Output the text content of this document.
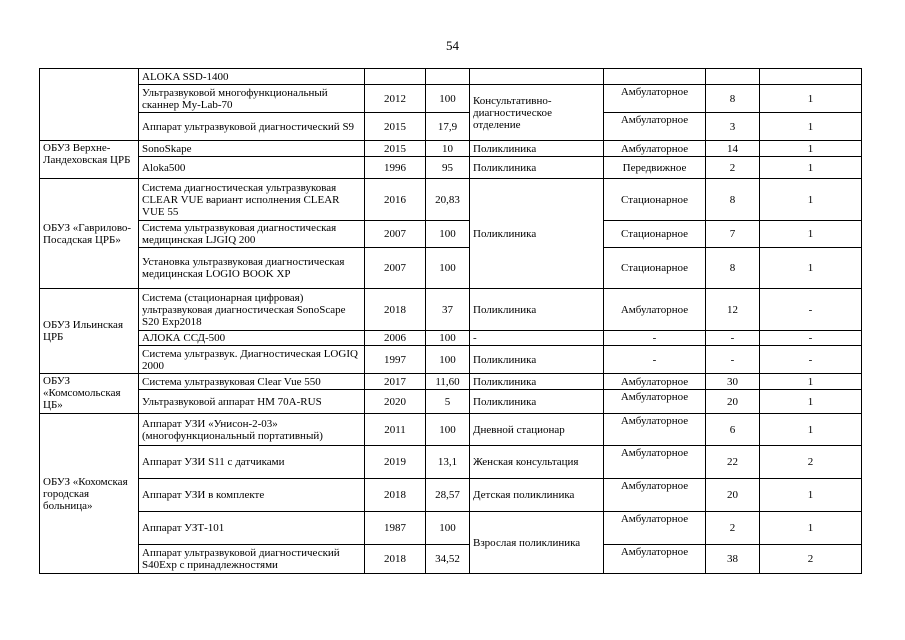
54
	ALOKA SSD-1400						
	Ультразвуковой многофункциональный сканнер My-Lab-70	2012	100	Консультативно-диагностическое отделение	Амбулаторное	8	1
	Аппарат ультразвуковой диагностический S9	2015	17,9		Амбулаторное	3	1
ОБУЗ Верхне-Ландеховская ЦРБ	SonoSkape	2015	10	Поликлиника	Амбулаторное	14	1
	Aloka500	1996	95	Поликлиника	Передвижное	2	1
ОБУЗ «Гаврилово-Посадская ЦРБ»	Система диагностическая ультразвуковая CLEAR VUE вариант исполнения CLEAR VUE 55	2016	20,83	Поликлиника	Стационарное	8	1
	Система ультразвуковая диагностическая медицинская LJGIQ 200	2007	100		Стационарное	7	1
	Установка ультразвуковая диагностическая медицинская LOGIO BOOK XP	2007	100		Стационарное	8	1
ОБУЗ Ильинская ЦРБ	Система (стационарная цифровая) ультразвуковая диагностическая SonoScape S20 Exp2018	2018	37	Поликлиника	Амбулаторное	12	-
	АЛОКА ССД-500	2006	100	-	-	-	-
	Система ультразвук. Диагностическая LOGIQ 2000	1997	100	Поликлиника	-	-	-
ОБУЗ «Комсомольская ЦБ»	Система ультразвуковая Clear Vue 550	2017	11,60	Поликлиника	Амбулаторное	30	1
	Ультразвуковой аппарат HM 70A-RUS	2020	5	Поликлиника	Амбулаторное	20	1
ОБУЗ «Кохомская городская больница»	Аппарат УЗИ «Унисон-2-03» (многофункциональный портативный)	2011	100	Дневной стационар	Амбулаторное	6	1
	Аппарат УЗИ S11 с датчиками	2019	13,1	Женская консультация	Амбулаторное	22	2
	Аппарат УЗИ в комплекте	2018	28,57	Детская поликлиника	Амбулаторное	20	1
	Аппарат УЗТ-101	1987	100	Взрослая поликлиника	Амбулаторное	2	1
	Аппарат ультразвуковой диагностический S40Exp с принадлежностями	2018	34,52		Амбулаторное	38	2
